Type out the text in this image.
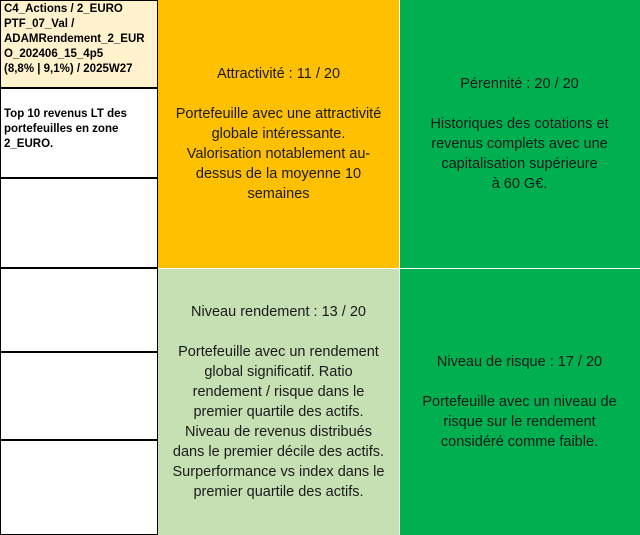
C4_Actions / 2_EURO
PTF_07_Val /
ADAMRendement_2_EUR
O_202406_15_4p5
(8,8% | 9,1%) / 2025W27
Top 10 revenus LT des
portefeuilles en zone
2_EURO.
Attractivité : 11 / 20
Portefeuille avec une attractivité
globale intéressante.
Valorisation notablement au-
dessus de la moyenne 10
semaines
Pérennité : 20 / 20
Historiques des cotations et
revenus complets avec une
capitalisation supérieure
à 60 G€.
Niveau rendement : 13 / 20
Portefeuille avec un rendement
global significatif. Ratio
rendement / risque dans le
premier quartile des actifs.
Niveau de revenus distribués
dans le premier décile des actifs.
Surperformance vs index dans le
premier quartile des actifs.
Niveau de risque : 17 / 20
Portefeuille avec un niveau de
risque sur le rendement
considéré comme faible.
